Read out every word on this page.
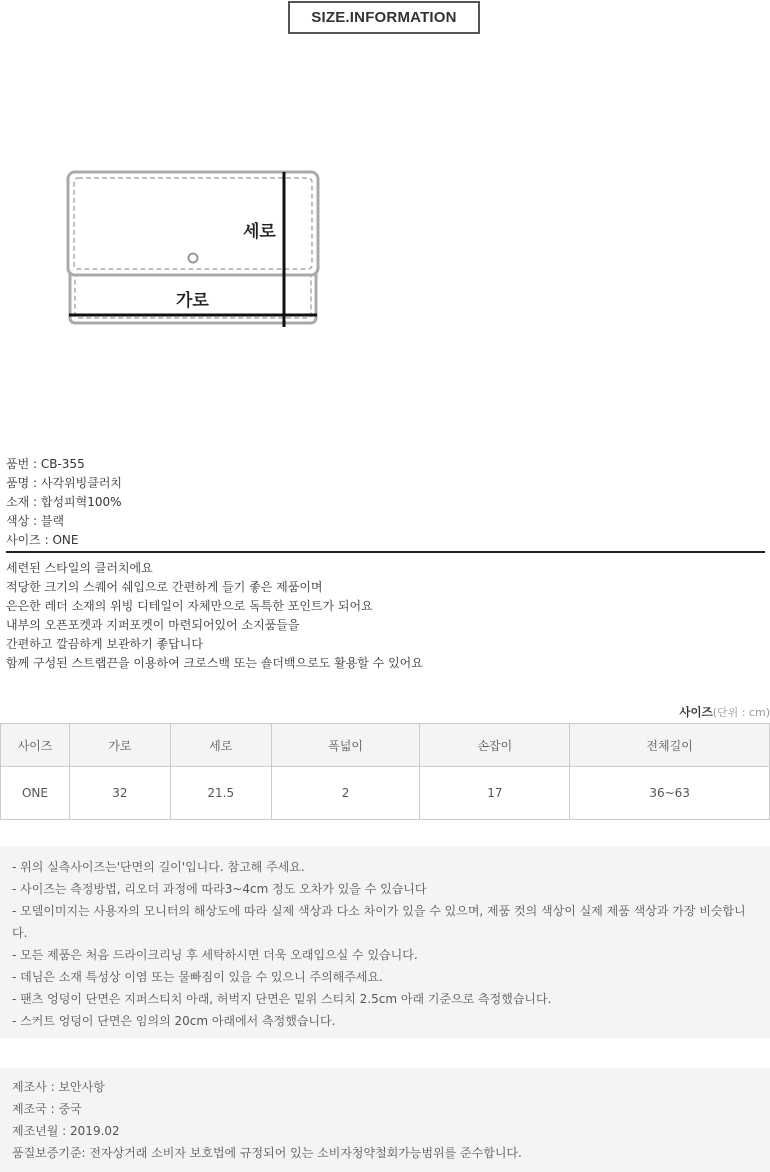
SIZE.INFORMATION
세로
가로
품번 : CB-355
품명 : 사각위빙클러치
소재 : 합성피혁100%
색상 : 블랙
사이즈 : ONE
세련된 스타일의 클러치에요
적당한 크기의 스퀘어 쉐입으로 간편하게 들기 좋은 제품이며
은은한 레더 소재의 위빙 디테일이 자체만으로 독특한 포인트가 되어요
내부의 오픈포켓과 지퍼포켓이 마련되어있어 소지품들을
간편하고 깔끔하게 보관하기 좋답니다
함께 구성된 스트랩끈을 이용하여 크로스백 또는 숄더백으로도 활용할 수 있어요
사이즈(단위 : cm)
사이즈	가로	세로	폭넓이	손잡이	전체길이
ONE	32	21.5	2	17	36~63
- 위의 실측사이즈는'단면의 길이'입니다. 참고해 주세요.
- 사이즈는 측정방법, 리오더 과정에 따라3~4cm 정도 오차가 있을 수 있습니다
- 모델이미지는 사용자의 모니터의 해상도에 따라 실제 색상과 다소 차이가 있을 수 있으며, 제품 컷의 색상이 실제 제품 색상과 가장 비슷합니다.
- 모든 제품은 처음 드라이크리닝 후 세탁하시면 더욱 오래입으실 수 있습니다.
- 데님은 소재 특성상 이염 또는 물빠짐이 있을 수 있으니 주의해주세요.
- 팬츠 엉덩이 단면은 지퍼스티치 아래, 허벅지 단면은 밑위 스티치 2.5cm 아래 기준으로 측정했습니다.
- 스커트 엉덩이 단면은 임의의 20cm 아래에서 측정했습니다.
제조사 : 보안사항
제조국 : 중국
제조년월 : 2019.02
품질보증기준: 전자상거래 소비자 보호법에 규정되어 있는 소비자청약철회가능범위를 준수합니다.
